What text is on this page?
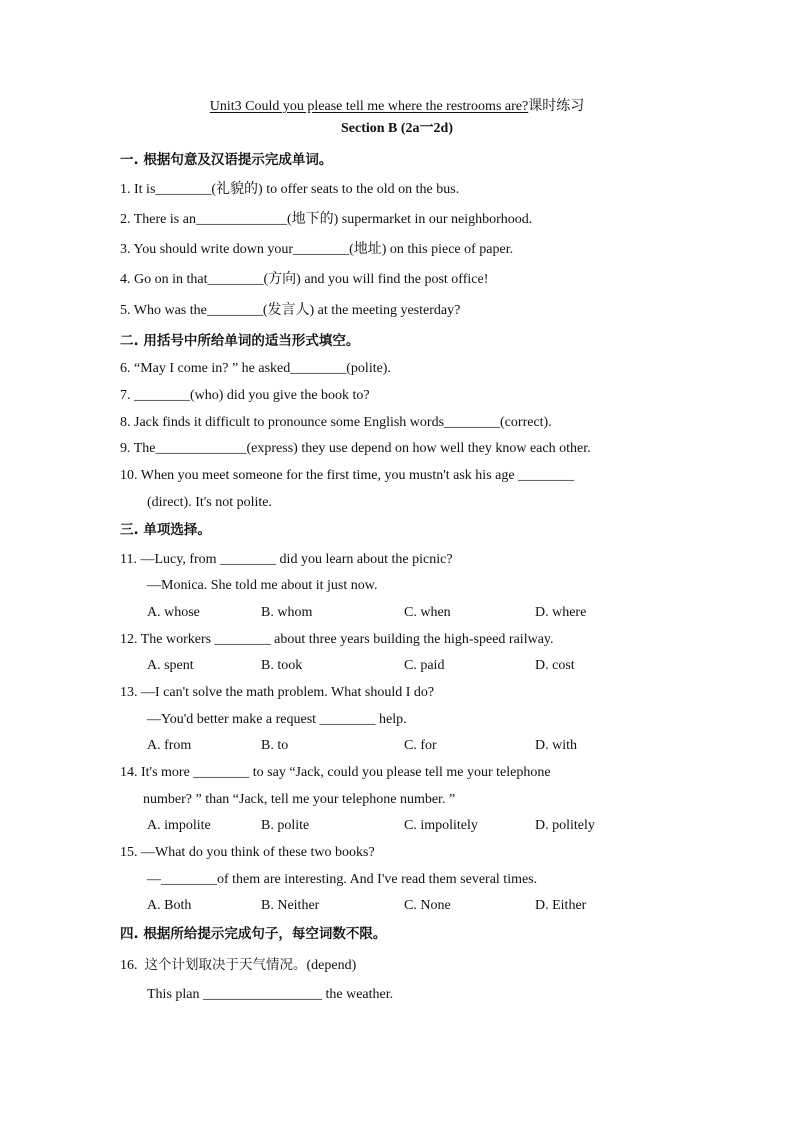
Unit3 Could you please tell me where the restrooms are?课时练习
Section B (2a一2d)
一. 根据句意及汉语提示完成单词。
1. It is________(礼貌的) to offer seats to the old on the bus.
2. There is an_____________(地下的) supermarket in our neighborhood.
3. You should write down your________(地址) on this piece of paper.
4. Go on in that________(方向) and you will find the post office!
5. Who was the________(发言人) at the meeting yesterday?
二. 用括号中所给单词的适当形式填空。
6. “May I come in? ” he asked________(polite).
7. ________(who) did you give the book to?
8. Jack finds it difficult to pronounce some English words________(correct).
9. The_____________(express) they use depend on how well they know each other.
10. When you meet someone for the first time, you mustn't ask his age ________
(direct). It's not polite.
三. 单项选择。
11. —Lucy, from ________ did you learn about the picnic?
—Monica. She told me about it just now.
A. whose	B. whom	C. when	D. where
12. The workers ________ about three years building the high-speed railway.
A. spent	B. took	C. paid	D. cost
13. —I can't solve the math problem. What should I do?
—You'd better make a request ________ help.
A. from	B. to	C. for	D. with
14. It's more ________ to say “Jack, could you please tell me your telephone
number? ” than “Jack, tell me your telephone number. ”
A. impolite	B. polite	C. impolitely	D. politely
15. —What do you think of these two books?
—________of them are interesting. And I've read them several times.
A. Both	B. Neither	C. None	D. Either
四. 根据所给提示完成句子，每空词数不限。
16. 这个计划取决于天气情况。(depend)
This plan _________________ the weather.
